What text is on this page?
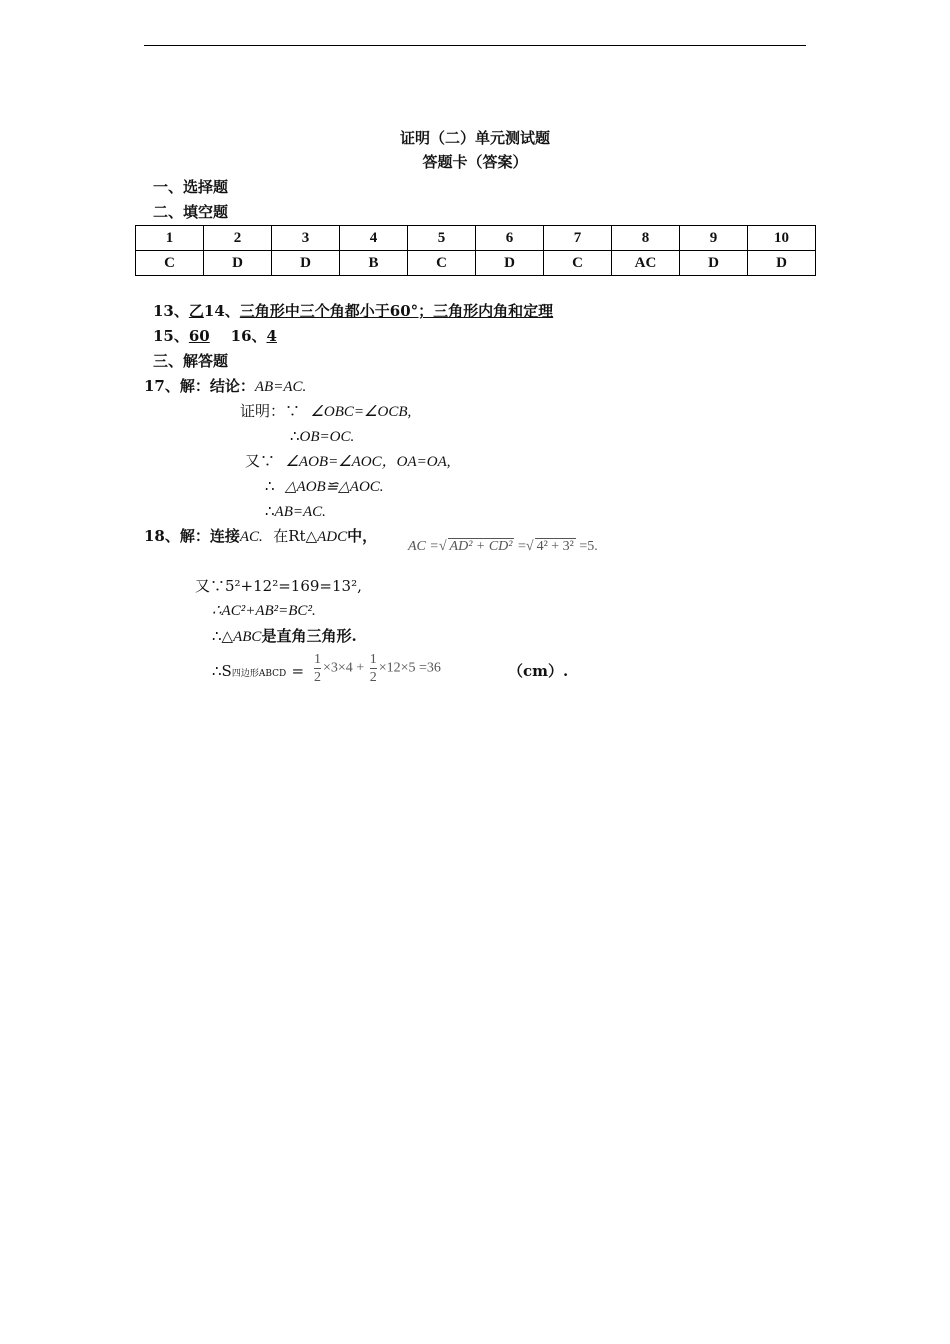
证明（二）单元测试题
答题卡（答案）
一、选择题
二、填空题
1	2	3	4	5	6	7	8	9	10
C	D	D	B	C	D	C	AC	D	D
13、乙14、三角形中三个角都小于60°；三角形内角和定理
15、60 16、4
三、解答题
17、解：结论：AB=AC.
证明：∵ ∠OBC=∠OCB,
∴OB=OC.
又∵ ∠AOB=∠AOC，OA=OA,
∴ △AOB≌△AOC.
∴AB=AC.
18、解：连接AC. 在Rt△ADC中，
AC =√ AD² + CD² =√ 4² + 3² =5.
又∵5²+12²=169=13²,
∴AC²+AB²=BC².
∴△ABC是直角三角形.
∴S四边形ABCD = $\frac{1}{2} \times 3\times 4 + \frac{1}{2} \times 12\times 5 =36$	（cm）.
